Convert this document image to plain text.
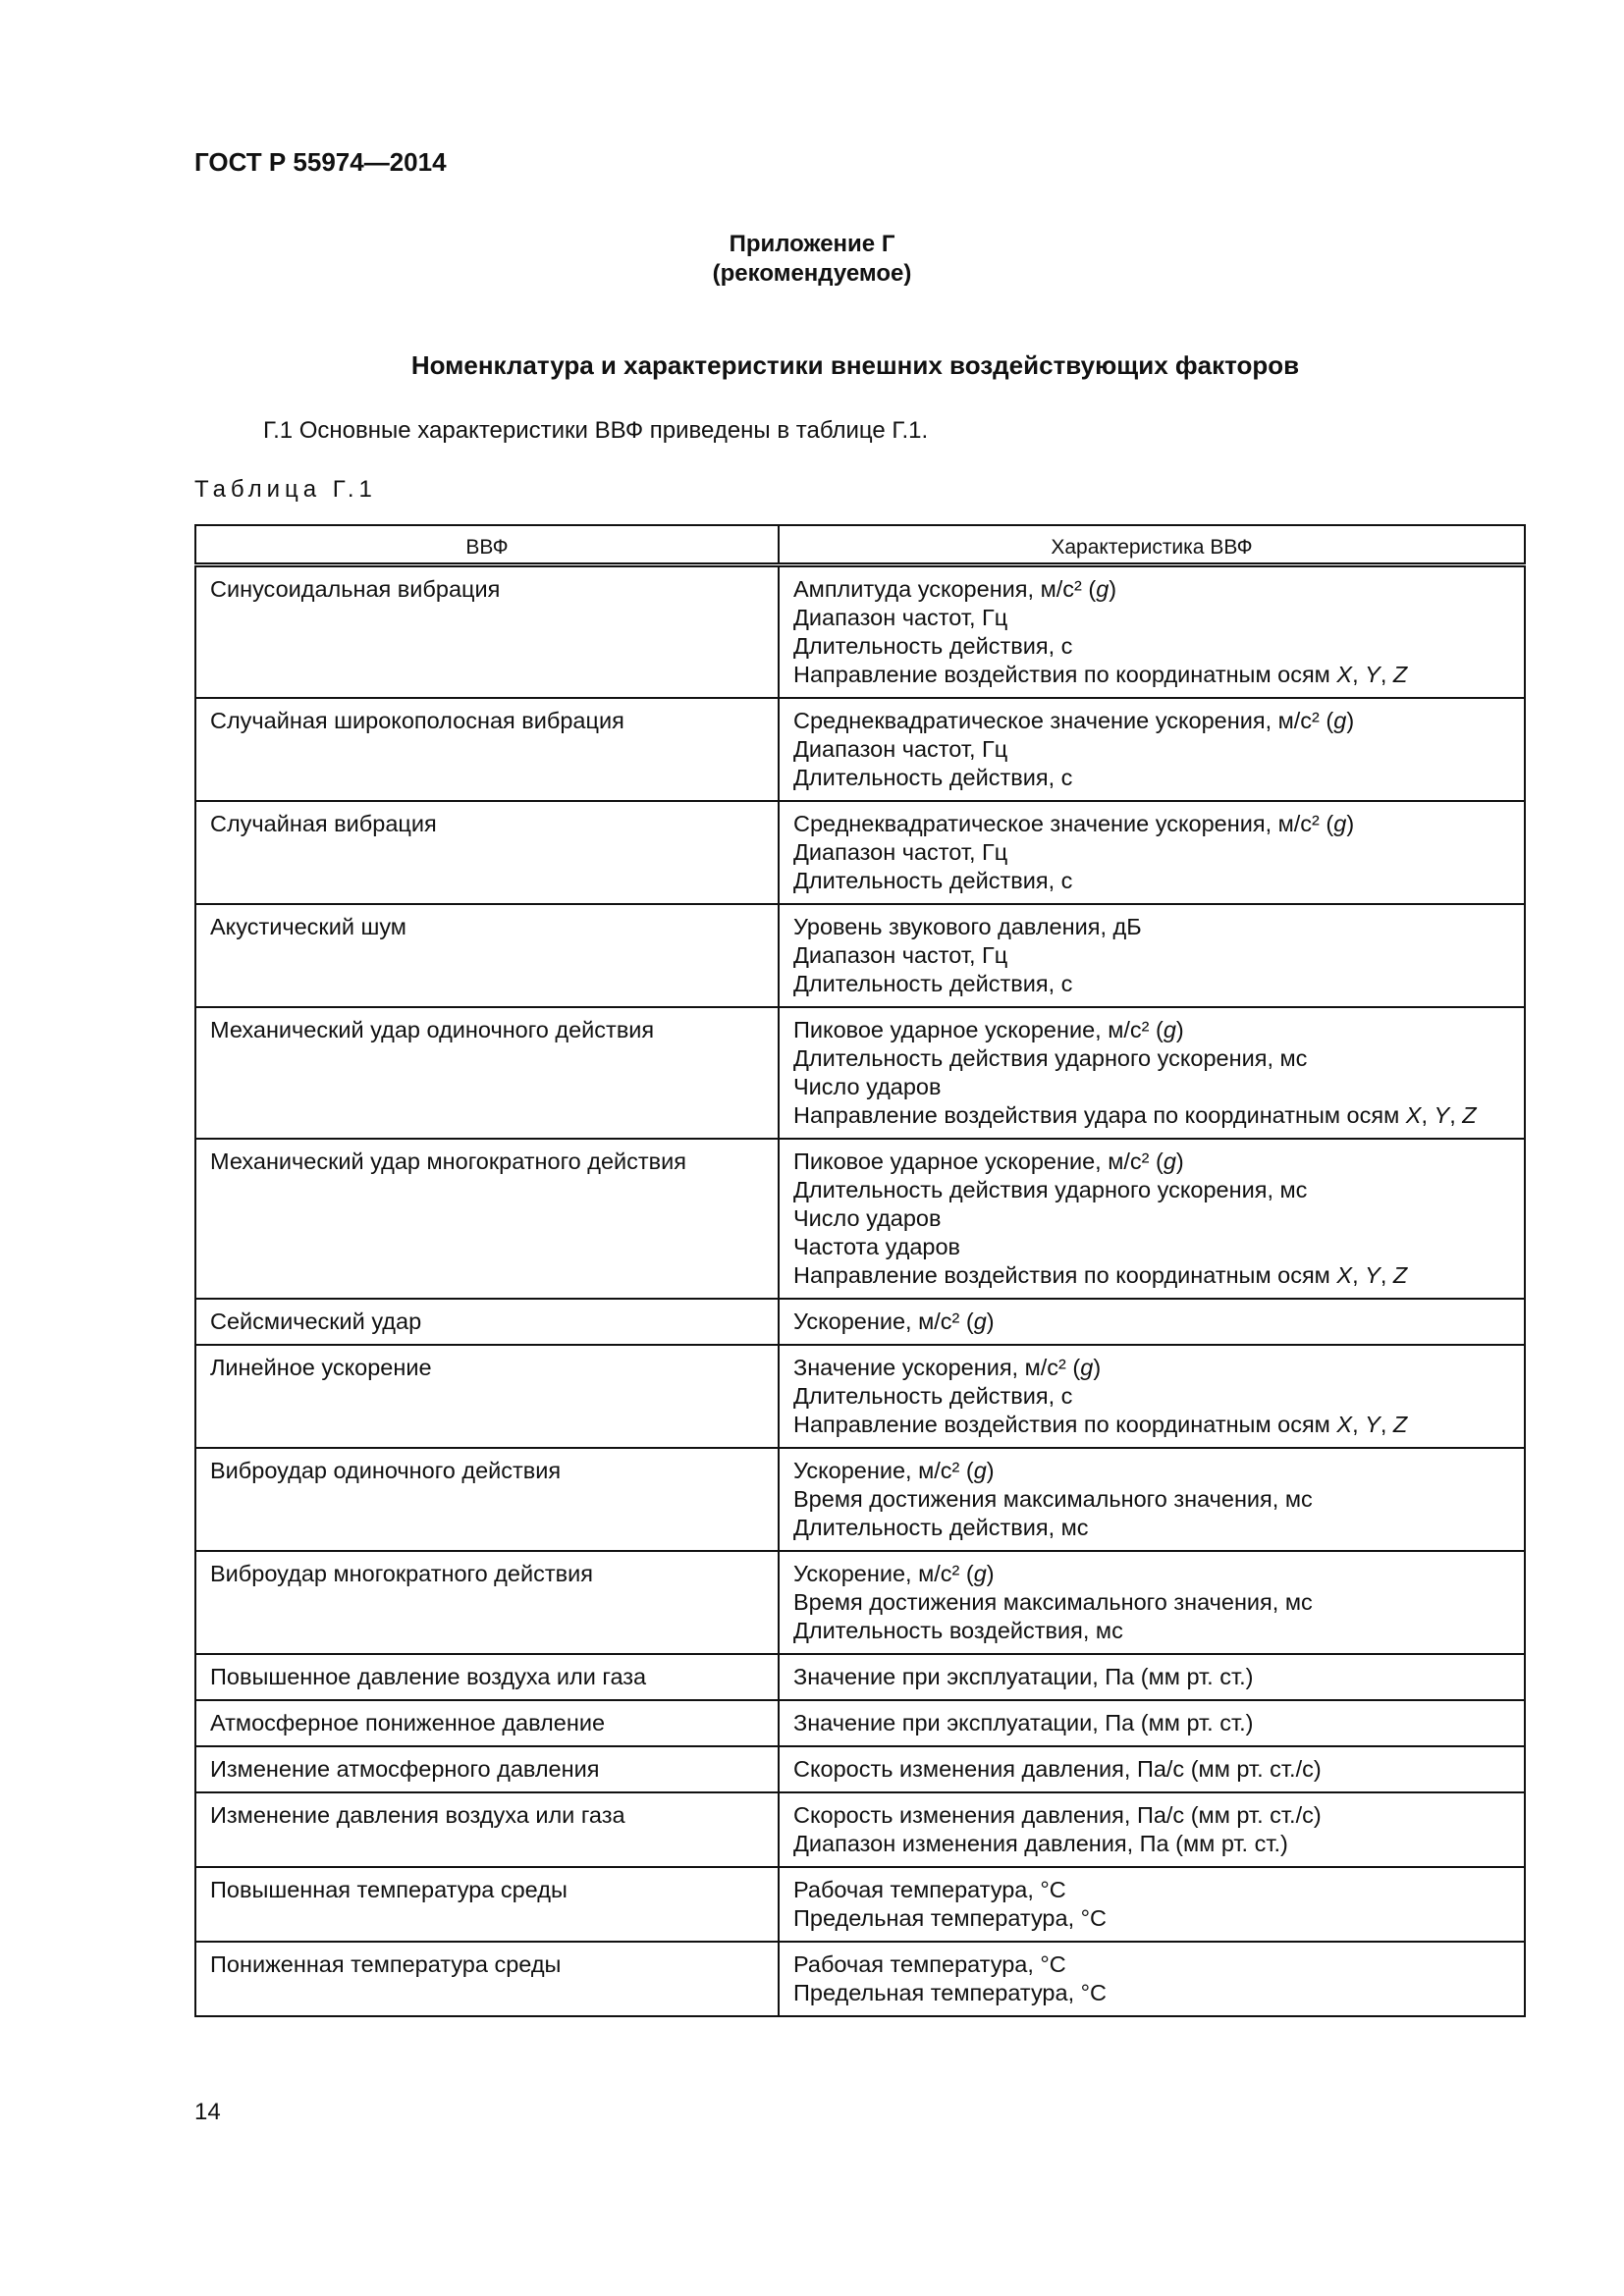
ГОСТ Р 55974—2014
Приложение Г
(рекомендуемое)
Номенклатура и характеристики внешних воздействующих факторов
Г.1 Основные характеристики ВВФ приведены в таблице Г.1.
Таблица Г.1
ВВФ	Характеристика ВВФ
Синусоидальная вибрация	Амплитуда ускорения, м/с² (g)
Диапазон частот, Гц
Длительность действия, с
Направление воздействия по координатным осям X, Y, Z

Случайная широкополосная вибрация	Среднеквадратическое значение ускорения, м/с² (g)
Диапазон частот, Гц
Длительность действия, с

Случайная вибрация	Среднеквадратическое значение ускорения, м/с² (g)
Диапазон частот, Гц
Длительность действия, с

Акустический шум	Уровень звукового давления, дБ
Диапазон частот, Гц
Длительность действия, с

Механический удар одиночного действия	Пиковое ударное ускорение, м/с² (g)
Длительность действия ударного ускорения, мс
Число ударов
Направление воздействия удара по координатным осям X, Y, Z

Механический удар многократного действия	Пиковое ударное ускорение, м/с² (g)
Длительность действия ударного ускорения, мс
Число ударов
Частота ударов
Направление воздействия по координатным осям X, Y, Z

Сейсмический удар	Ускорение, м/с² (g)

Линейное ускорение	Значение ускорения, м/с² (g)
Длительность действия, с
Направление воздействия по координатным осям X, Y, Z

Виброудар одиночного действия	Ускорение, м/с² (g)
Время достижения максимального значения, мс
Длительность действия, мс

Виброудар многократного действия	Ускорение, м/с² (g)
Время достижения максимального значения, мс
Длительность воздействия, мс

Повышенное давление воздуха или газа	Значение при эксплуатации, Па (мм рт. ст.)

Атмосферное пониженное давление	Значение при эксплуатации, Па (мм рт. ст.)

Изменение атмосферного давления	Скорость изменения давления, Па/с (мм рт. ст./с)

Изменение давления воздуха или газа	Скорость изменения давления, Па/с (мм рт. ст./с)
Диапазон изменения давления, Па (мм рт. ст.)

Повышенная температура среды	Рабочая температура, °С
Предельная температура, °С

Пониженная температура среды	Рабочая температура, °С
Предельная температура, °С
14
